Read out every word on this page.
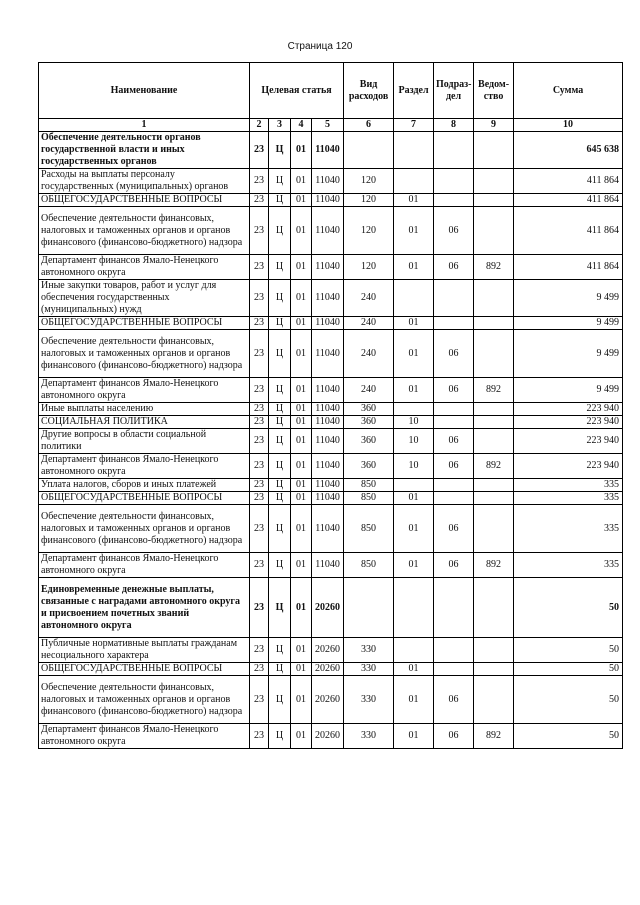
Страница 120
Наименование	Целевая статья				Вид расходов	Раздел	Подраз-дел	Ведом-ство	Сумма
1	2	3	4	5	6	7	8	9	10
Обеспечение деятельности органов государственной власти и иных государственных органов	23	Ц	01	11040					645 638
Расходы на выплаты персоналу государственных (муниципальных) органов	23	Ц	01	11040	120				411 864
ОБЩЕГОСУДАРСТВЕННЫЕ ВОПРОСЫ	23	Ц	01	11040	120	01			411 864
Обеспечение деятельности финансовых, налоговых и таможенных органов и органов финансового (финансово-бюджетного) надзора	23	Ц	01	11040	120	01	06		411 864
Департамент финансов Ямало-Ненецкого автономного округа	23	Ц	01	11040	120	01	06	892	411 864
Иные закупки товаров, работ и услуг для обеспечения государственных (муниципальных) нужд	23	Ц	01	11040	240				9 499
ОБЩЕГОСУДАРСТВЕННЫЕ ВОПРОСЫ	23	Ц	01	11040	240	01			9 499
Обеспечение деятельности финансовых, налоговых и таможенных органов и органов финансового (финансово-бюджетного) надзора	23	Ц	01	11040	240	01	06		9 499
Департамент финансов Ямало-Ненецкого автономного округа	23	Ц	01	11040	240	01	06	892	9 499
Иные выплаты населению	23	Ц	01	11040	360				223 940
СОЦИАЛЬНАЯ ПОЛИТИКА	23	Ц	01	11040	360	10			223 940
Другие вопросы в области социальной политики	23	Ц	01	11040	360	10	06		223 940
Департамент финансов Ямало-Ненецкого автономного округа	23	Ц	01	11040	360	10	06	892	223 940
Уплата налогов, сборов и иных платежей	23	Ц	01	11040	850				335
ОБЩЕГОСУДАРСТВЕННЫЕ ВОПРОСЫ	23	Ц	01	11040	850	01			335
Обеспечение деятельности финансовых, налоговых и таможенных органов и органов финансового (финансово-бюджетного) надзора	23	Ц	01	11040	850	01	06		335
Департамент финансов Ямало-Ненецкого автономного округа	23	Ц	01	11040	850	01	06	892	335
Единовременные денежные выплаты, связанные с наградами автономного округа и присвоением почетных званий автономного округа	23	Ц	01	20260					50
Публичные нормативные выплаты гражданам несоциального характера	23	Ц	01	20260	330				50
ОБЩЕГОСУДАРСТВЕННЫЕ ВОПРОСЫ	23	Ц	01	20260	330	01			50
Обеспечение деятельности финансовых, налоговых и таможенных органов и органов финансового (финансово-бюджетного) надзора	23	Ц	01	20260	330	01	06		50
Департамент финансов Ямало-Ненецкого автономного округа	23	Ц	01	20260	330	01	06	892	50
